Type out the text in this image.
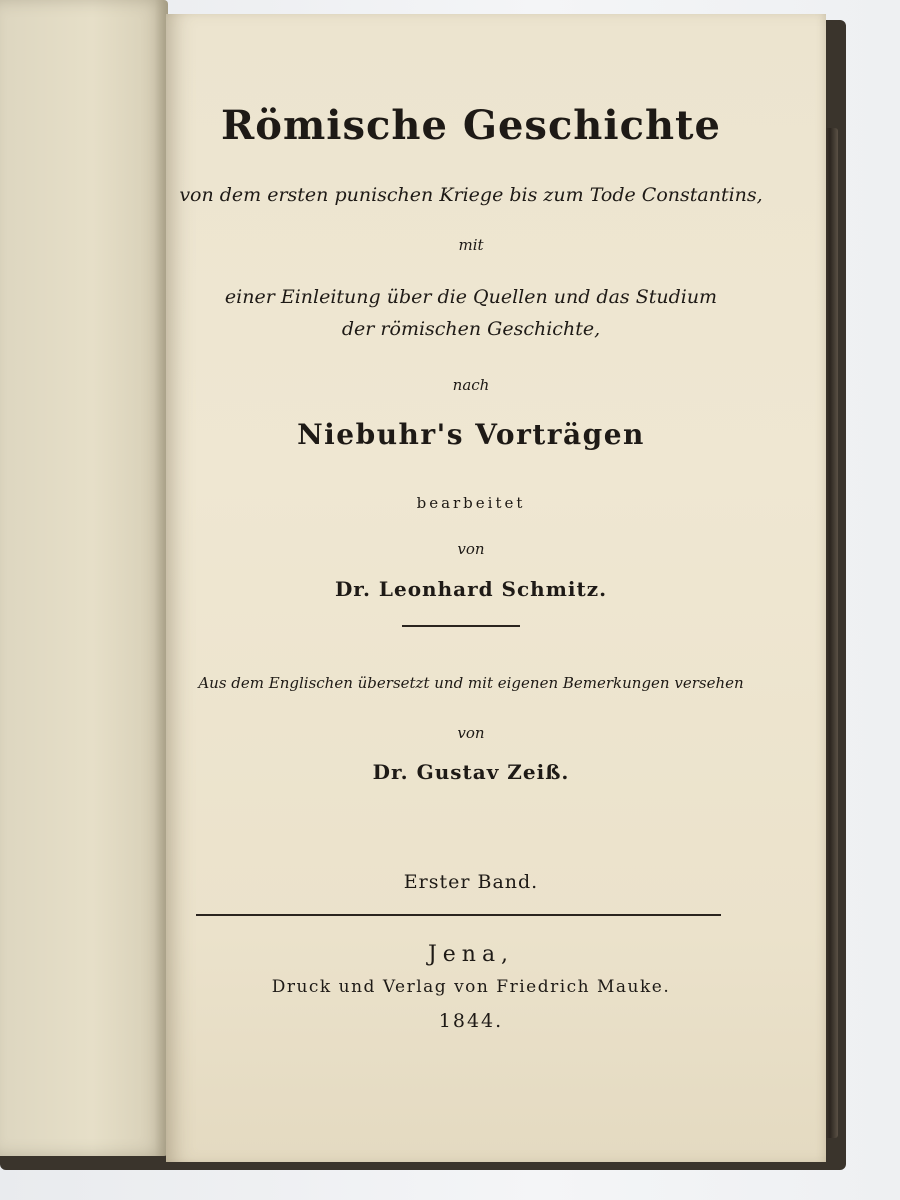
Römische Geschichte
von dem ersten punischen Kriege bis zum Tode Constantins,
mit
einer Einleitung über die Quellen und das Studium
der römischen Geschichte,
nach
Niebuhr's Vorträgen
bearbeitet
von
Dr. Leonhard Schmitz.
Aus dem Englischen übersetzt und mit eigenen Bemerkungen versehen
von
Dr. Gustav Zeiß.
Erster Band.
Jena,
Druck und Verlag von Friedrich Mauke.
1844.
